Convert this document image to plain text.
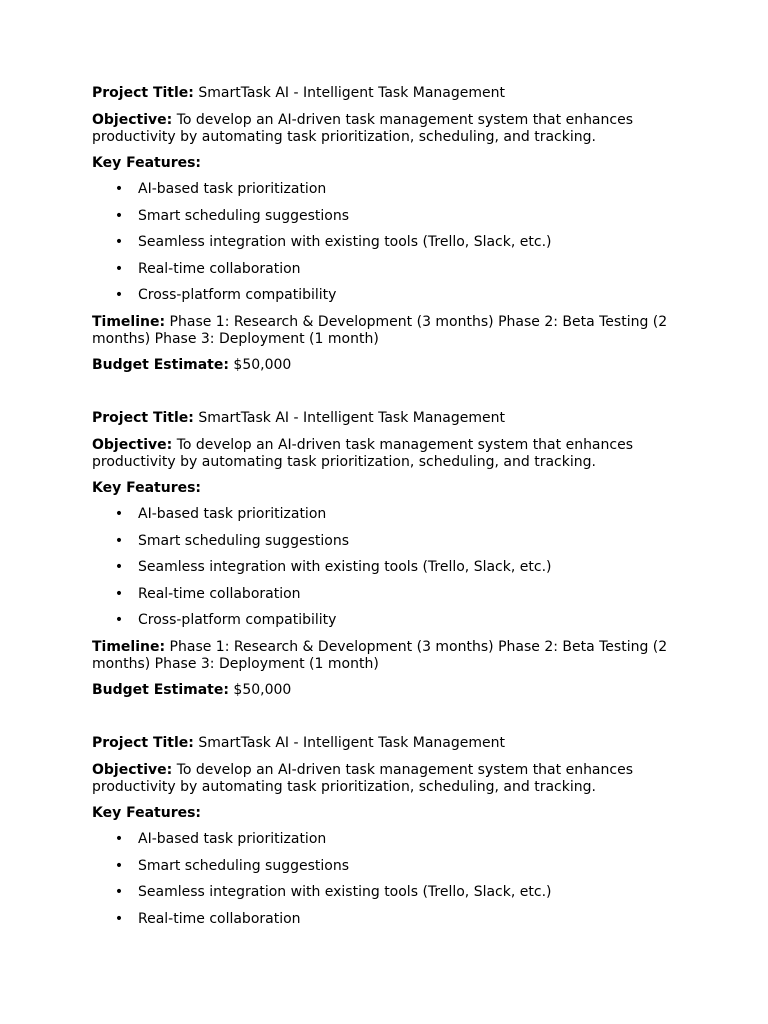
Project Title: SmartTask AI - Intelligent Task Management

Objective: To develop an AI-driven task management system that enhances

productivity by automating task prioritization, scheduling, and tracking.

Key Features:

• AI-based task prioritization
• Smart scheduling suggestions
• Seamless integration with existing tools (Trello, Slack, etc.)
• Real-time collaboration
• Cross-platform compatibility

Timeline: Phase 1: Research & Development (3 months) Phase 2: Beta Testing (2

months) Phase 3: Deployment (1 month)

Budget Estimate: $50,000

Project Title: SmartTask AI - Intelligent Task Management

Objective: To develop an AI-driven task management system that enhances

productivity by automating task prioritization, scheduling, and tracking.

Key Features:

• AI-based task prioritization
• Smart scheduling suggestions
• Seamless integration with existing tools (Trello, Slack, etc.)
• Real-time collaboration
• Cross-platform compatibility

Timeline: Phase 1: Research & Development (3 months) Phase 2: Beta Testing (2

months) Phase 3: Deployment (1 month)

Budget Estimate: $50,000

Project Title: SmartTask AI - Intelligent Task Management

Objective: To develop an AI-driven task management system that enhances

productivity by automating task prioritization, scheduling, and tracking.

Key Features:

• AI-based task prioritization
• Smart scheduling suggestions
• Seamless integration with existing tools (Trello, Slack, etc.)
• Real-time collaboration
